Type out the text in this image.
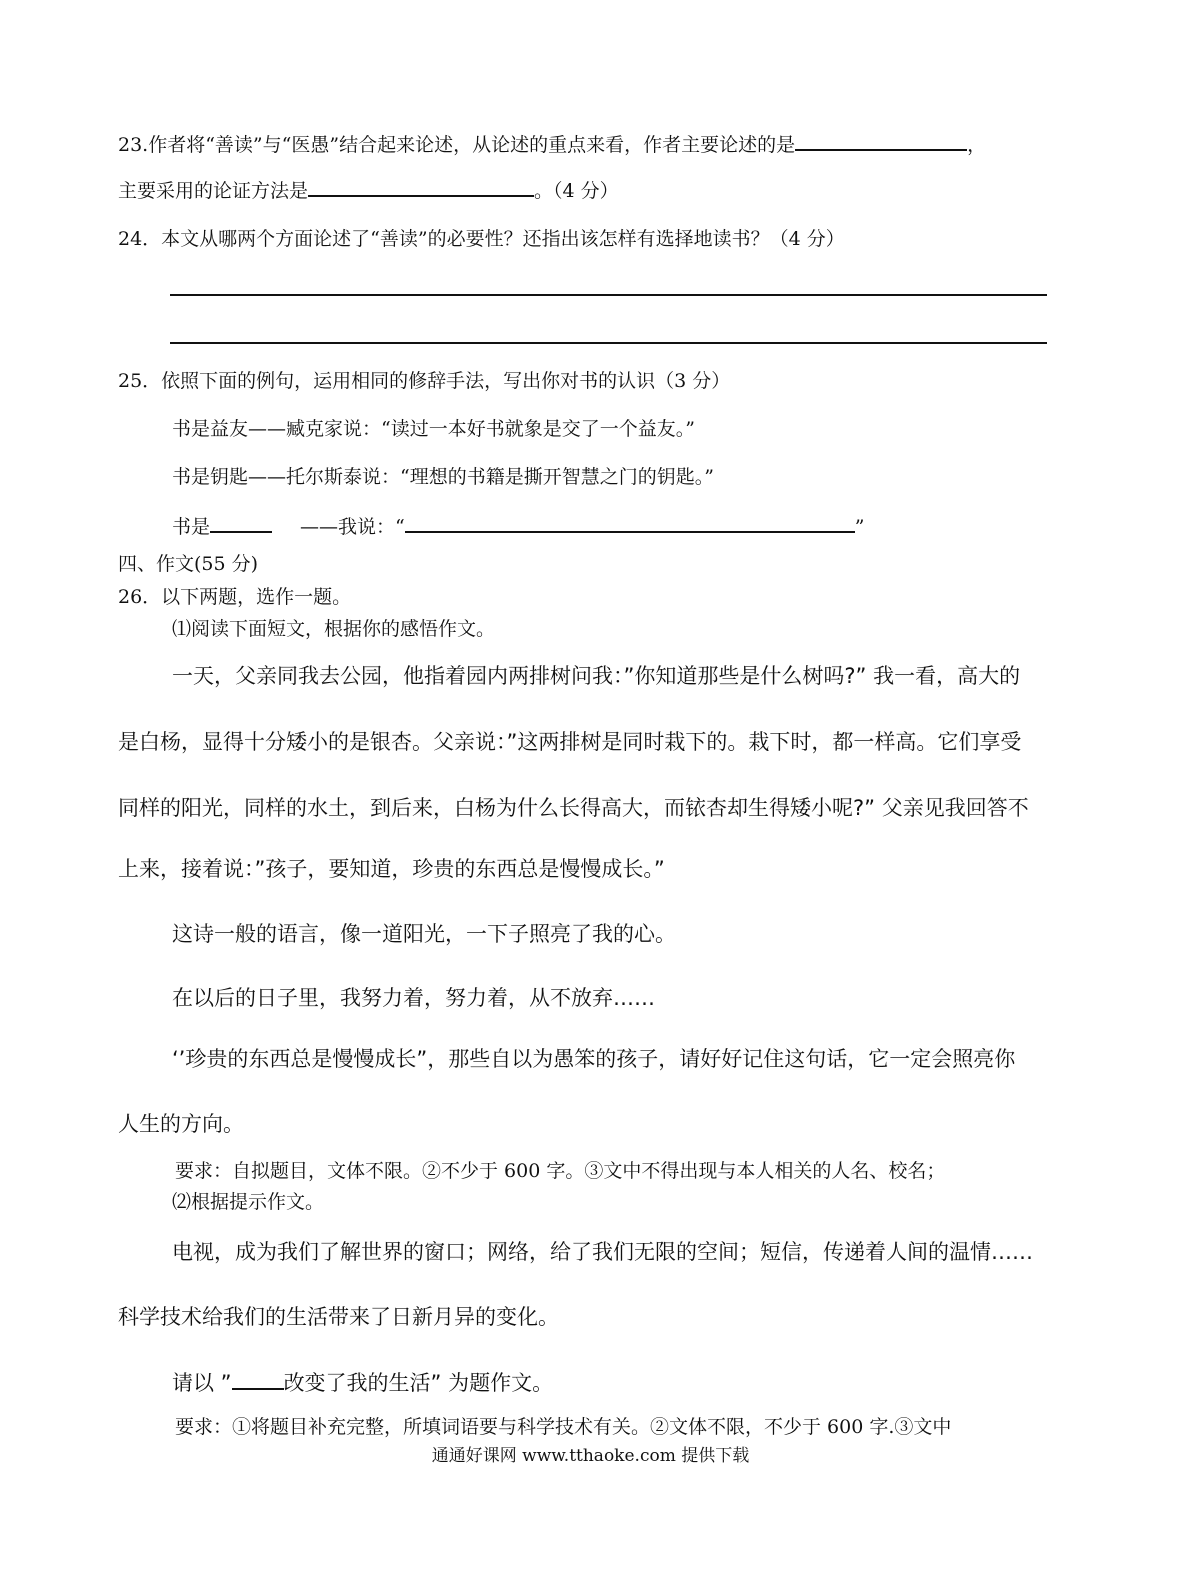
23.作者将“善读”与“医愚”结合起来论述，从论述的重点来看，作者主要论述的是	，
主要采用的论证方法是	。（4 分）
24．本文从哪两个方面论述了“善读”的必要性？还指出该怎样有选择地读书？（4 分）
25．依照下面的例句，运用相同的修辞手法，写出你对书的认识（3 分）
书是益友——臧克家说：“读过一本好书就象是交了一个益友。”
书是钥匙——托尔斯泰说：“理想的书籍是撕开智慧之门的钥匙。”
书是	——我说：“	”
四、作文(55 分)
26．以下两题，选作一题。
⑴阅读下面短文，根据你的感悟作文。
一天，父亲同我去公园，他指着园内两排树问我：”你知道那些是什么树吗?” 我一看，高大的
是白杨，显得十分矮小的是银杏。父亲说：”这两排树是同时栽下的。栽下时，都一样高。它们享受
同样的阳光，同样的水土，到后来，白杨为什么长得高大，而铱杏却生得矮小呢?” 父亲见我回答不
上来，接着说：”孩子，要知道，珍贵的东西总是慢慢成长。”
这诗一般的语言，像一道阳光，一下子照亮了我的心。
在以后的日子里，我努力着，努力着，从不放弃……
‘’珍贵的东西总是慢慢成长”，那些自以为愚笨的孩子，请好好记住这句话，它一定会照亮你
人生的方向。
要求：自拟题目，文体不限。②不少于 600 字。③文中不得出现与本人相关的人名、校名；
⑵根据提示作文。
电视，成为我们了解世界的窗口；网络，给了我们无限的空间；短信，传递着人间的温情……
科学技术给我们的生活带来了日新月异的变化。
请以 ” 改变了我的生活” 为题作文。
要求：①将题目补充完整，所填词语要与科学技术有关。②文体不限，不少于 600 字.③文中
通通好课网 www.tthaoke.com 提供下载
